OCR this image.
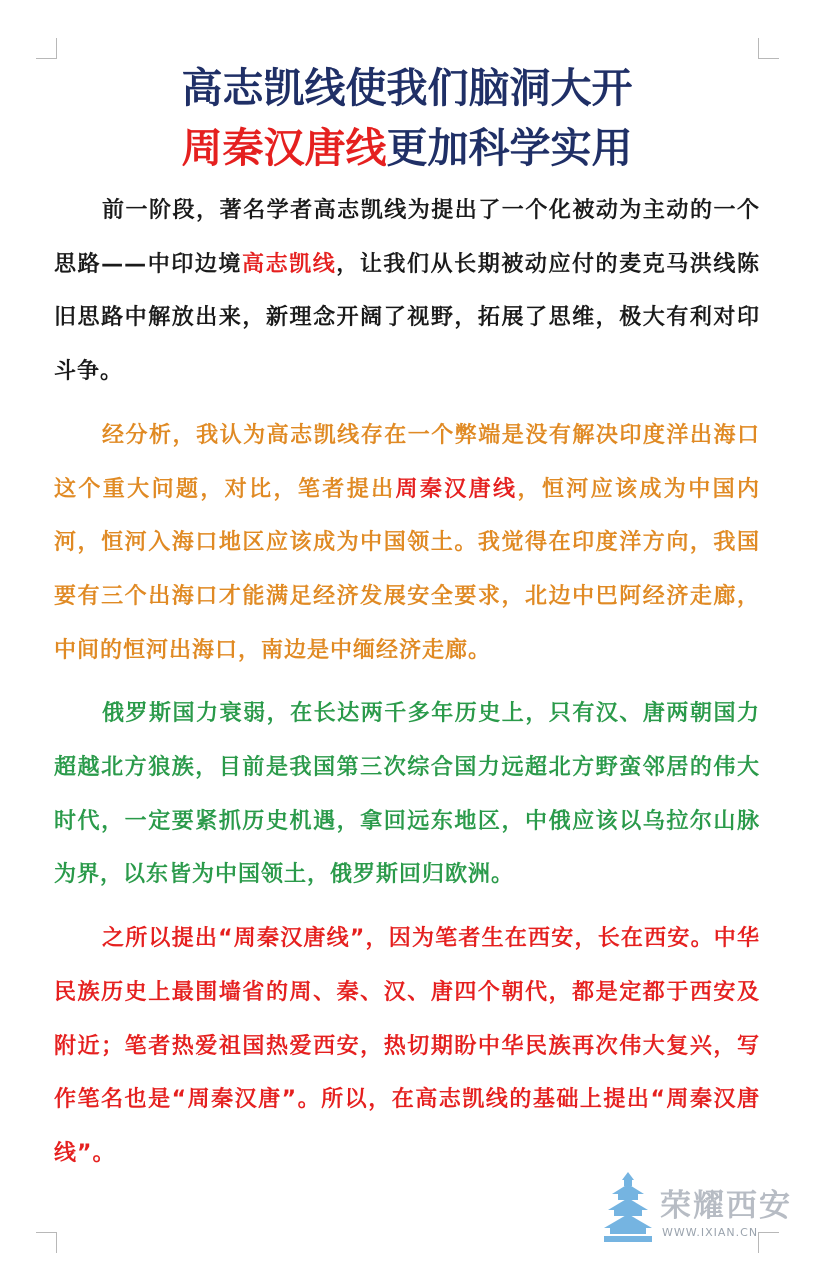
高志凯线使我们脑洞大开
周秦汉唐线更加科学实用

前一阶段，著名学者高志凯线为提出了一个化被动为主动的一个思路——中印边境高志凯线，让我们从长期被动应付的麦克马洪线陈旧思路中解放出来，新理念开阔了视野，拓展了思维，极大有利对印斗争。

经分析，我认为高志凯线存在一个弊端是没有解决印度洋出海口这个重大问题，对比，笔者提出周秦汉唐线，恒河应该成为中国内河，恒河入海口地区应该成为中国领土。我觉得在印度洋方向，我国要有三个出海口才能满足经济发展安全要求，北边中巴阿经济走廊，中间的恒河出海口，南边是中缅经济走廊。

俄罗斯国力衰弱，在长达两千多年历史上，只有汉、唐两朝国力超越北方狼族，目前是我国第三次综合国力远超北方野蛮邻居的伟大时代，一定要紧抓历史机遇，拿回远东地区，中俄应该以乌拉尔山脉为界，以东皆为中国领土，俄罗斯回归欧洲。

之所以提出“周秦汉唐线”，因为笔者生在西安，长在西安。中华民族历史上最围墙省的周、秦、汉、唐四个朝代，都是定都于西安及附近；笔者热爱祖国热爱西安，热切期盼中华民族再次伟大复兴，写作笔名也是“周秦汉唐”。所以，在高志凯线的基础上提出“周秦汉唐线”。

荣耀西安
WWW.IXIAN.CN
